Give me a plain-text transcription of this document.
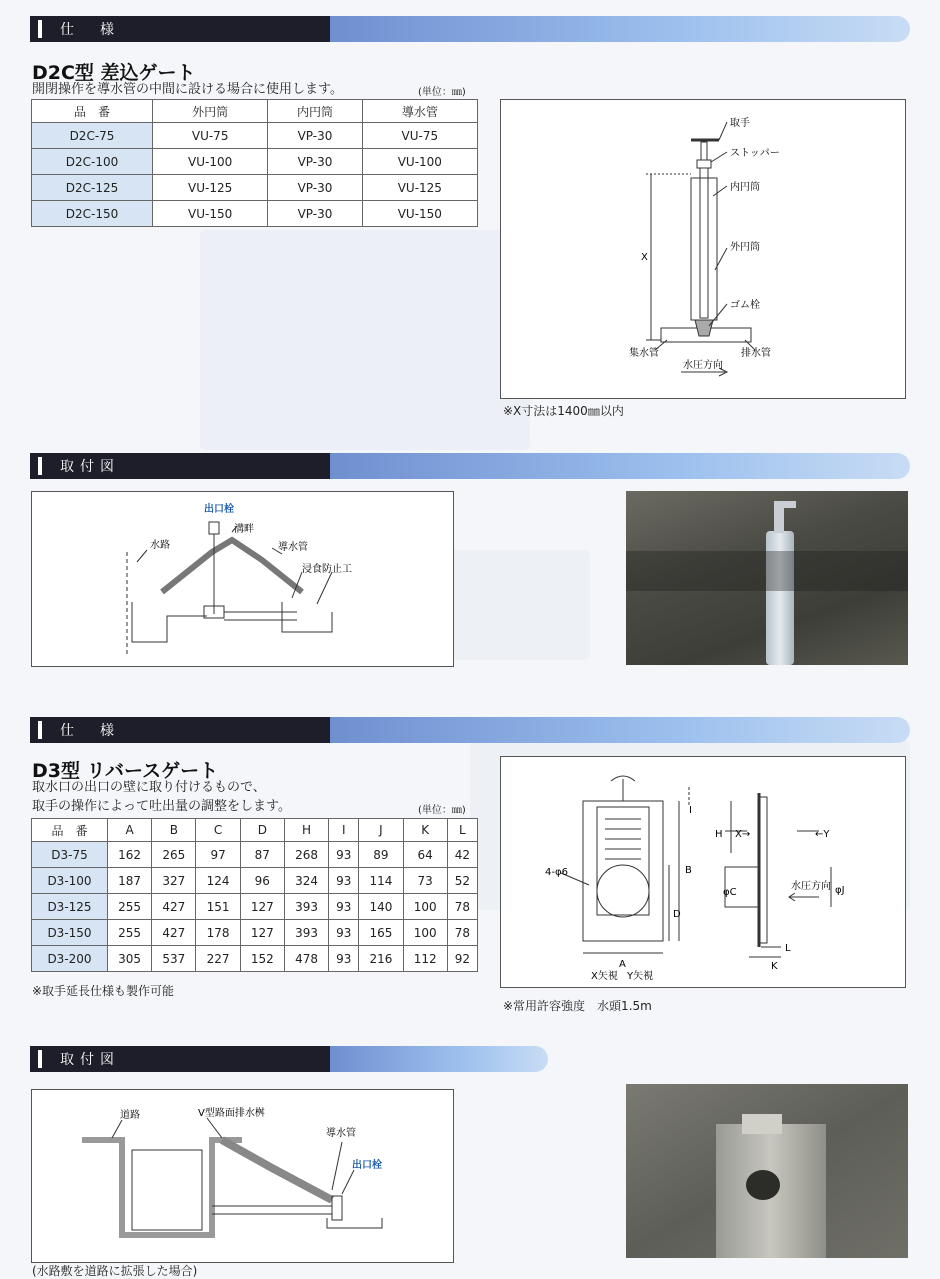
仕　様
D2C型 差込ゲート
開閉操作を導水管の中間に設ける場合に使用します。	(単位：㎜)
品　番	外円筒	内円筒	導水管
D2C-75	VU-75	VP-30	VU-75
D2C-100	VU-100	VP-30	VU-100
D2C-125	VU-125	VP-30	VU-125
D2C-150	VU-150	VP-30	VU-150
取手
ストッパー
内円筒
外円筒
X
ゴム栓
集水管	排水管
水圧方向
※X寸法は1400㎜以内
取付図
出口栓
水路
溝畔
導水管
浸食防止工
仕　様
D3型 リバースゲート
取水口の出口の壁に取り付けるもので、
取手の操作によって吐出量の調整をします。	(単位：㎜)
品　番	A	B	C	D	H	I	J	K	L
D3-75	162	265	97	87	268	93	89	64	42
D3-100	187	327	124	96	324	93	114	73	52
D3-125	255	427	151	127	393	93	140	100	78
D3-150	255	427	178	127	393	93	165	100	78
D3-200	305	537	227	152	478	93	216	112	92
※取手延長仕様も製作可能
4-φ6
A
B
D
I
H X→	←Y
φC	φJ
水圧方向
L
K
X矢視 Y矢視
※常用許容強度　水頭1.5m
取付図
道路	V型路面排水桝
導水管
出口栓
(水路敷を道路に拡張した場合)
